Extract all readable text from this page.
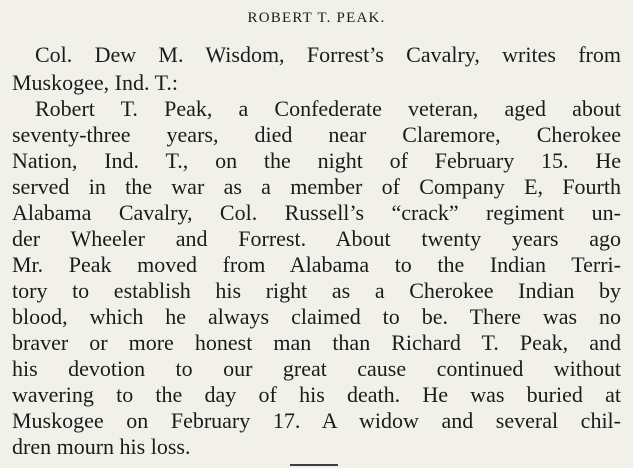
ROBERT T. PEAK.
Col. Dew M. Wisdom, Forrest’s Cavalry, writes from
Muskogee, Ind. T.:
Robert T. Peak, a Confederate veteran, aged about
seventy-three years, died near Claremore, Cherokee
Nation, Ind. T., on the night of February 15. He
served in the war as a member of Company E, Fourth
Alabama Cavalry, Col. Russell’s “crack” regiment un-
der Wheeler and Forrest. About twenty years ago
Mr. Peak moved from Alabama to the Indian Terri-
tory to establish his right as a Cherokee Indian by
blood, which he always claimed to be. There was no
braver or more honest man than Richard T. Peak, and
his devotion to our great cause continued without
wavering to the day of his death. He was buried at
Muskogee on February 17. A widow and several chil-
dren mourn his loss.
